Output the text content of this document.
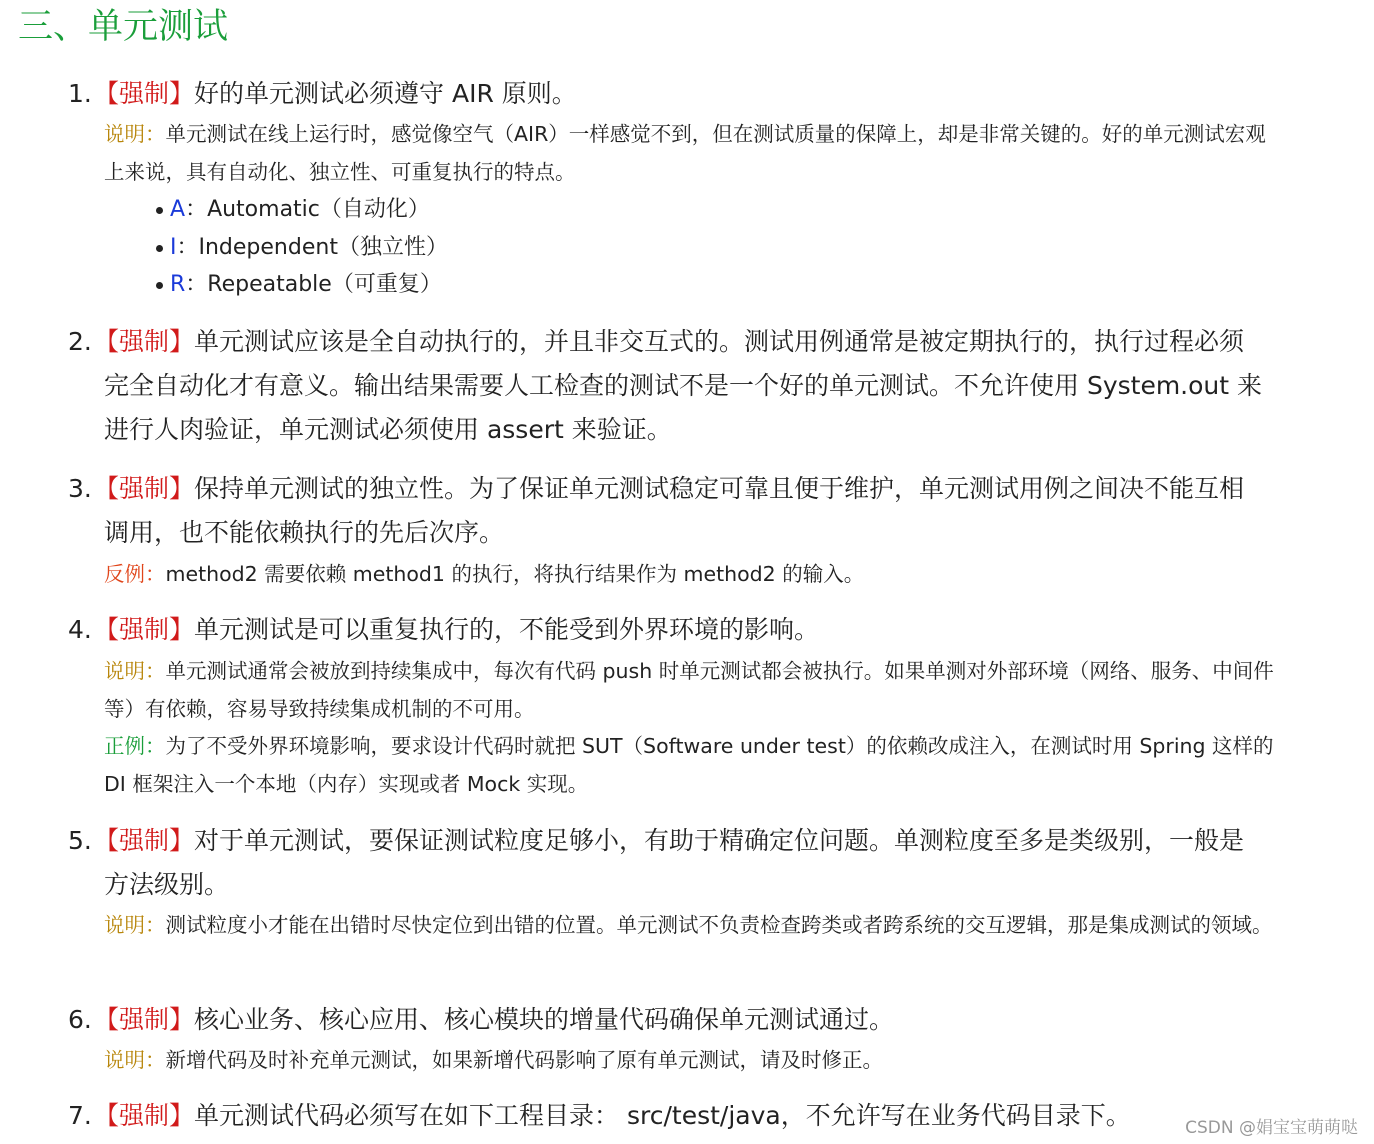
三、单元测试
1. 【强制】好的单元测试必须遵守 AIR 原则。
说明：单元测试在线上运行时，感觉像空气（AIR）一样感觉不到，但在测试质量的保障上，却是非常关键的。好的单元测试宏观上来说，具有自动化、独立性、可重复执行的特点。
A：Automatic（自动化）
I：Independent（独立性）
R：Repeatable（可重复）
2. 【强制】单元测试应该是全自动执行的，并且非交互式的。测试用例通常是被定期执行的，执行过程必须
完全自动化才有意义。输出结果需要人工检查的测试不是一个好的单元测试。不允许使用 System.out 来
进行人肉验证，单元测试必须使用 assert 来验证。
3. 【强制】保持单元测试的独立性。为了保证单元测试稳定可靠且便于维护，单元测试用例之间决不能互相
调用，也不能依赖执行的先后次序。
反例：method2 需要依赖 method1 的执行，将执行结果作为 method2 的输入。
4. 【强制】单元测试是可以重复执行的，不能受到外界环境的影响。
说明：单元测试通常会被放到持续集成中，每次有代码 push 时单元测试都会被执行。如果单测对外部环境（网络、服务、中间件等）有依赖，容易导致持续集成机制的不可用。
正例：为了不受外界环境影响，要求设计代码时就把 SUT（Software under test）的依赖改成注入，在测试时用 Spring 这样的 DI 框架注入一个本地（内存）实现或者 Mock 实现。
5. 【强制】对于单元测试，要保证测试粒度足够小，有助于精确定位问题。单测粒度至多是类级别，一般是
方法级别。
说明：测试粒度小才能在出错时尽快定位到出错的位置。单元测试不负责检查跨类或者跨系统的交互逻辑，那是集成测试的领域。
6. 【强制】核心业务、核心应用、核心模块的增量代码确保单元测试通过。
说明：新增代码及时补充单元测试，如果新增代码影响了原有单元测试，请及时修正。
7. 【强制】单元测试代码必须写在如下工程目录： src/test/java，不允许写在业务代码目录下。	CSDN @娟宝宝萌萌哒
